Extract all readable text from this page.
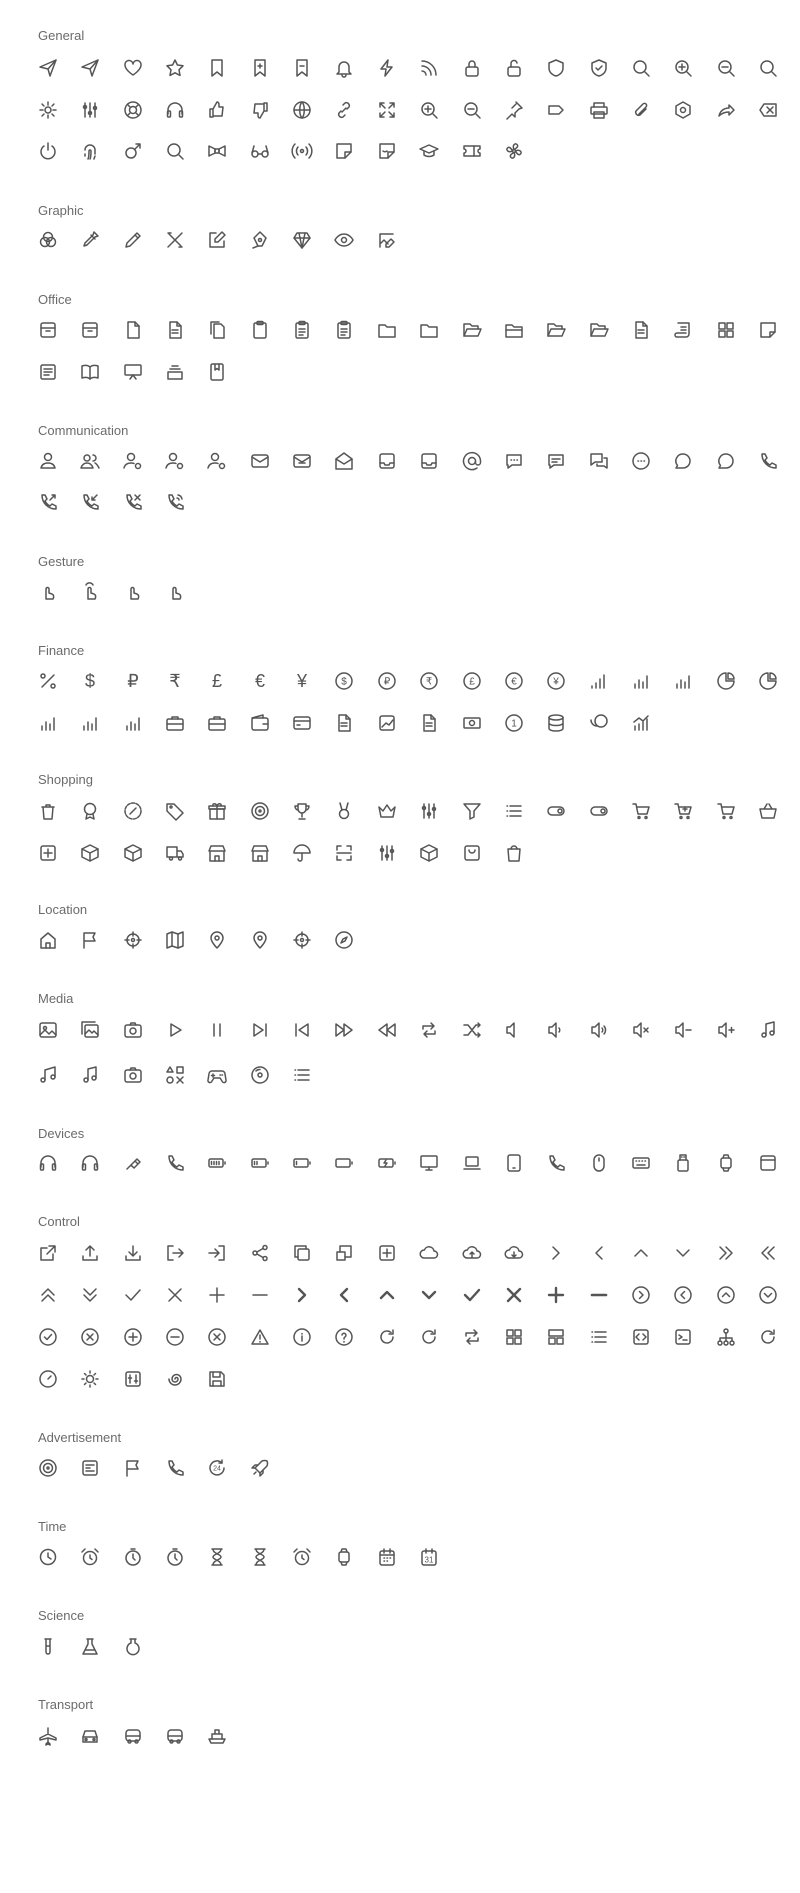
General
Graphic
Office
Communication
Gesture
Finance
Shopping
Location
Media
Devices
Control
Advertisement
Time
Science
Transport
$ ₽ ₹ £ € ¥	$	₽	₹	£	€	¥
1
24
31
